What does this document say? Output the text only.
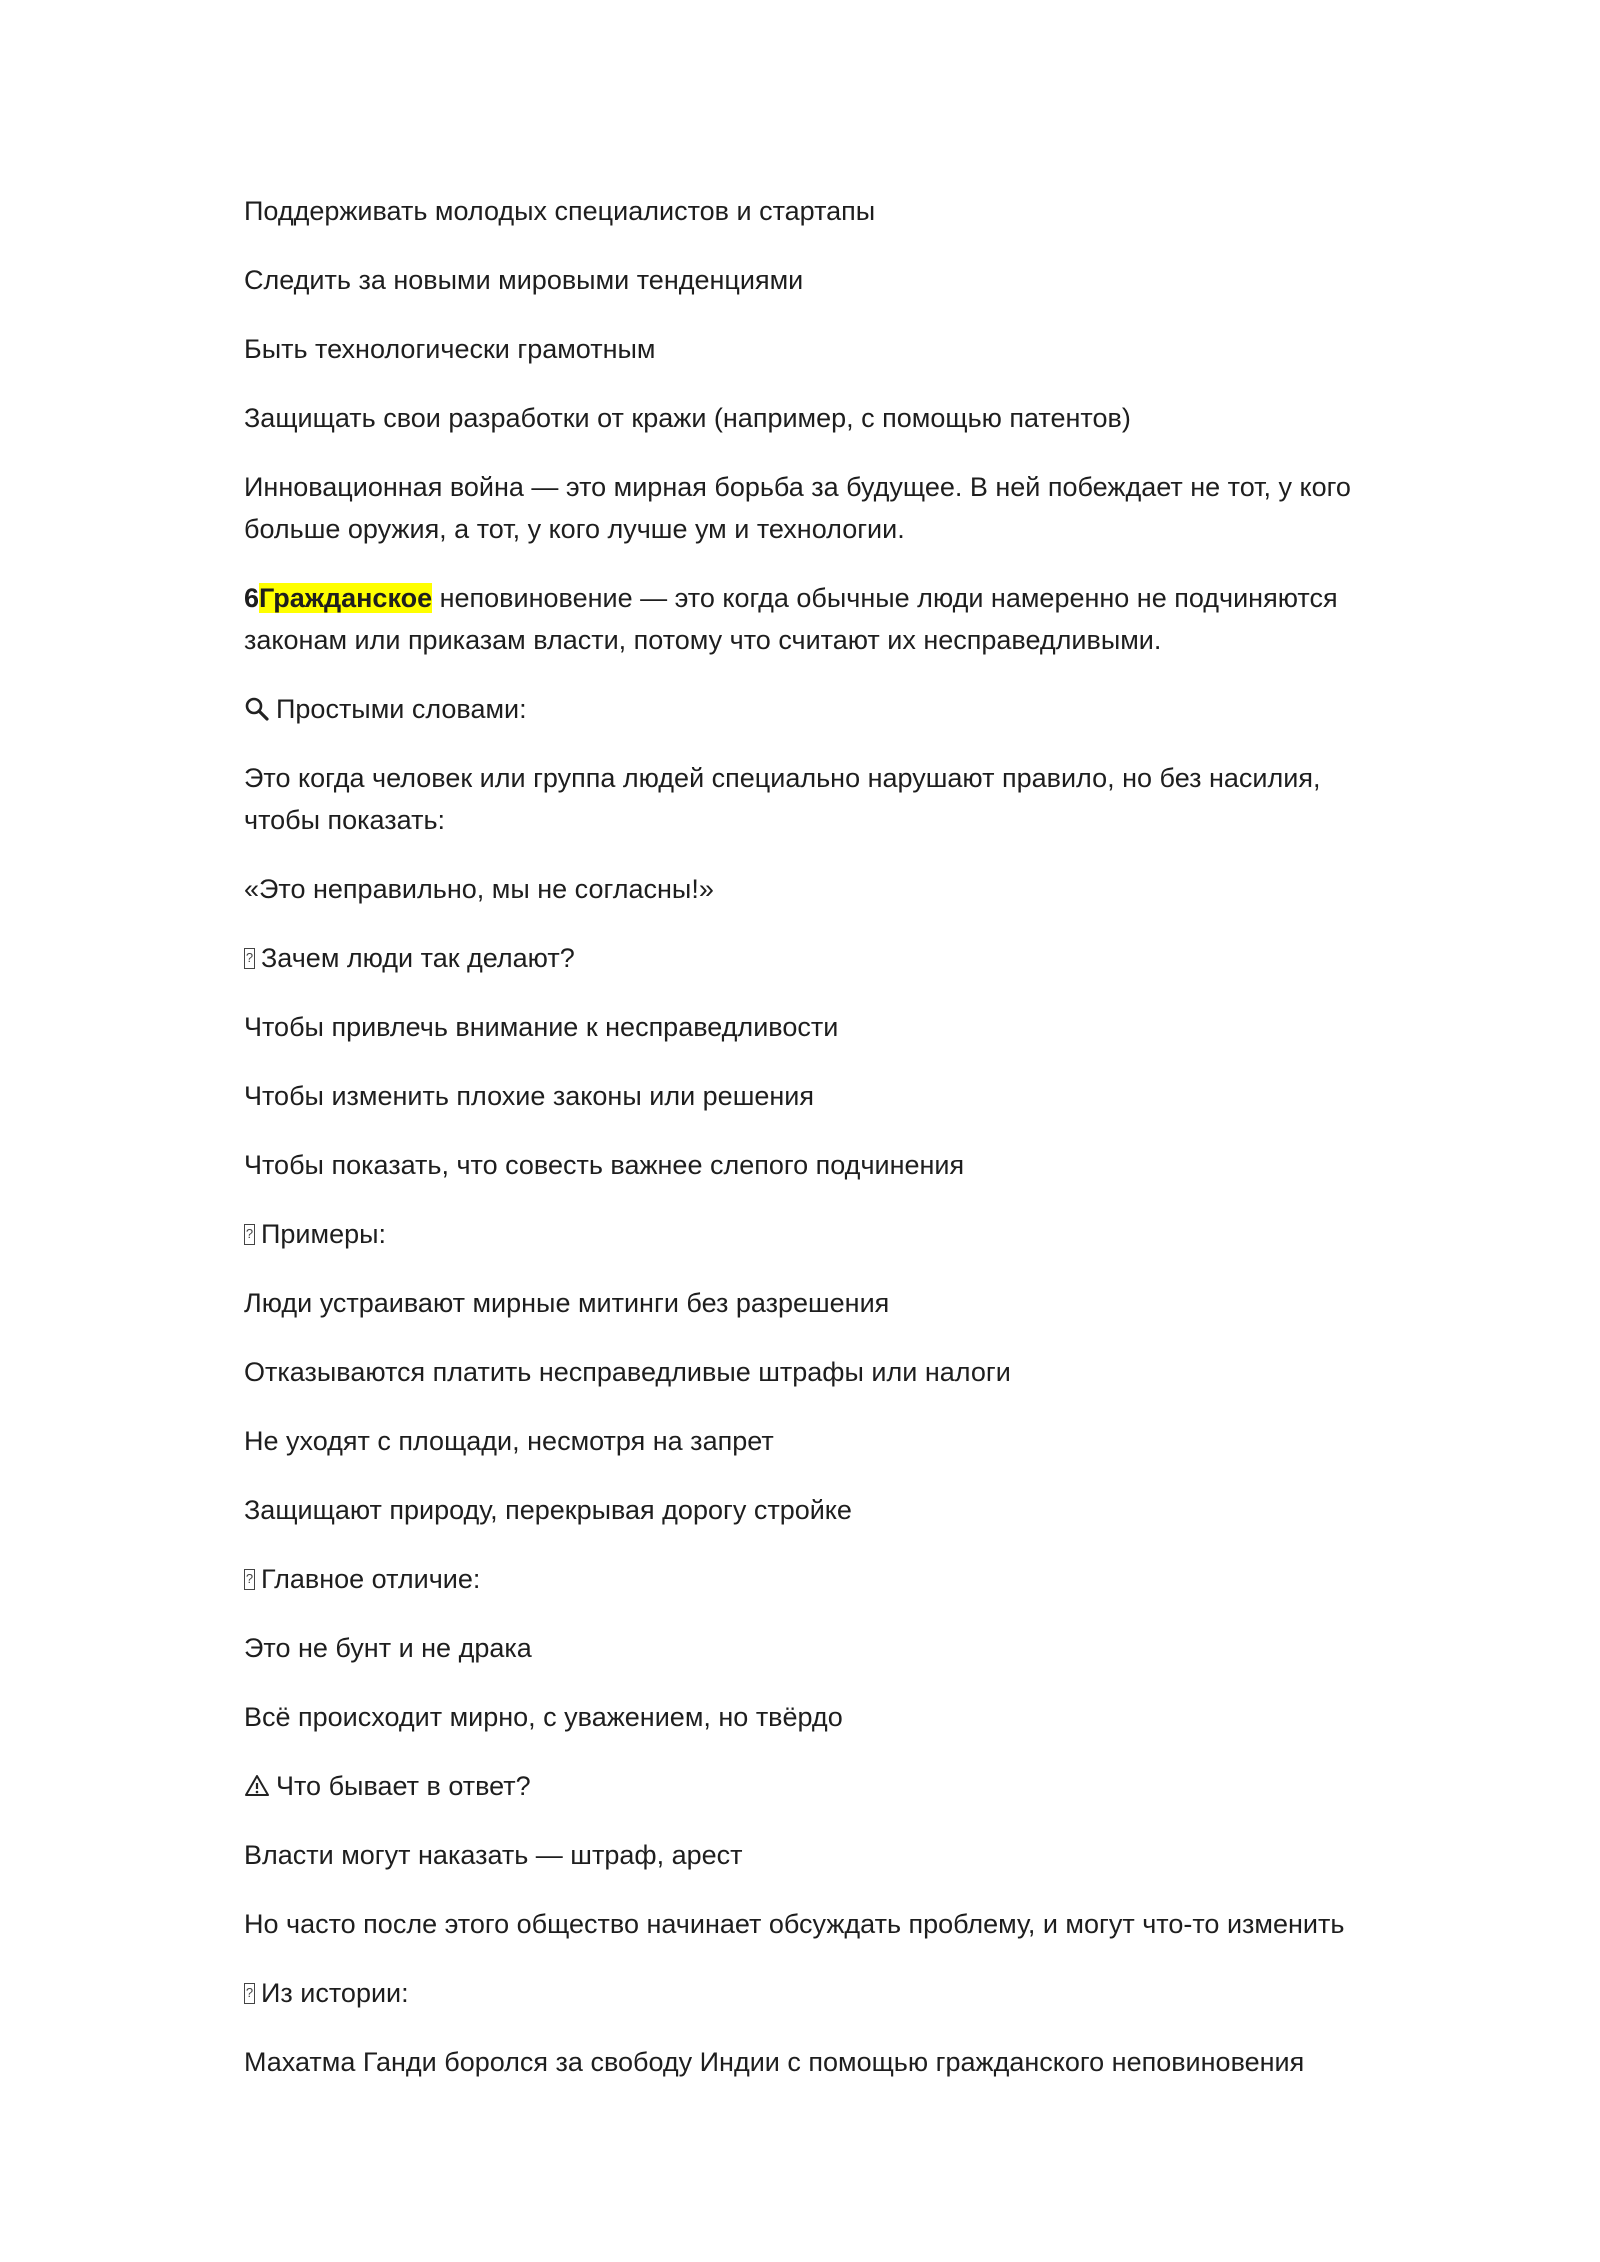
Поддерживать молодых специалистов и стартапы

Следить за новыми мировыми тенденциями

Быть технологически грамотным

Защищать свои разработки от кражи (например, с помощью патентов)

Инновационная война — это мирная борьба за будущее. В ней побеждает не тот, у кого больше оружия, а тот, у кого лучше ум и технологии.

6Гражданское неповиновение — это когда обычные люди намеренно не подчиняются законам или приказам власти, потому что считают их несправедливыми.

Простыми словами:

Это когда человек или группа людей специально нарушают правило, но без насилия, чтобы показать:

«Это неправильно, мы не согласны!»

?Зачем люди так делают?

Чтобы привлечь внимание к несправедливости

Чтобы изменить плохие законы или решения

Чтобы показать, что совесть важнее слепого подчинения

?Примеры:

Люди устраивают мирные митинги без разрешения

Отказываются платить несправедливые штрафы или налоги

Не уходят с площади, несмотря на запрет

Защищают природу, перекрывая дорогу стройке

?Главное отличие:

Это не бунт и не драка

Всё происходит мирно, с уважением, но твёрдо

Что бывает в ответ?

Власти могут наказать — штраф, арест

Но часто после этого общество начинает обсуждать проблему, и могут что-то изменить

?Из истории:

Махатма Ганди боролся за свободу Индии с помощью гражданского неповиновения
